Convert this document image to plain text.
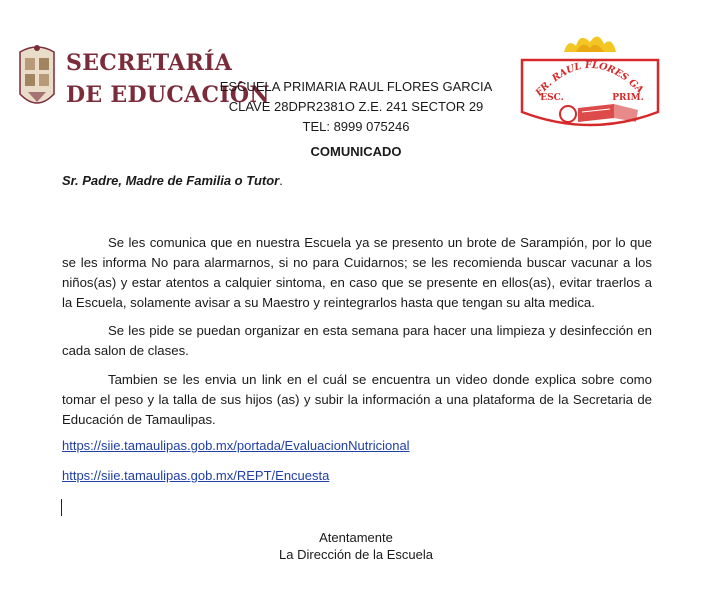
SECRETARÍA
DE EDUCACIÓN
ESCUELA PRIMARIA RAUL FLORES GARCIA
CLAVE 28DPR2381O Z.E. 241 SECTOR 29
TEL: 8999 075246
FR. RAUL FLORES GA
ESC.	PRIM.
COMUNICADO
Sr. Padre, Madre de Familia o Tutor.
Se les comunica que en nuestra Escuela ya se presento un brote de Sarampión, por lo que se les informa No para alarmarnos, si no para Cuidarnos; se les recomienda buscar vacunar a los niños(as) y estar atentos a calquier sintoma, en caso que se presente en ellos(as), evitar traerlos a la Escuela, solamente avisar a su Maestro y reintegrarlos hasta que tengan su alta medica.
Se les pide se puedan organizar en esta semana para hacer una limpieza y desinfección en cada salon de clases.
Tambien se les envia un link en el cuál se encuentra un video donde explica sobre como tomar el peso y la talla de sus hijos (as) y subir la información a una plataforma de la Secretaria de Educación de Tamaulipas.
https://siie.tamaulipas.gob.mx/portada/EvaluacionNutricional
https://siie.tamaulipas.gob.mx/REPT/Encuesta
Atentamente
La Dirección de la Escuela
